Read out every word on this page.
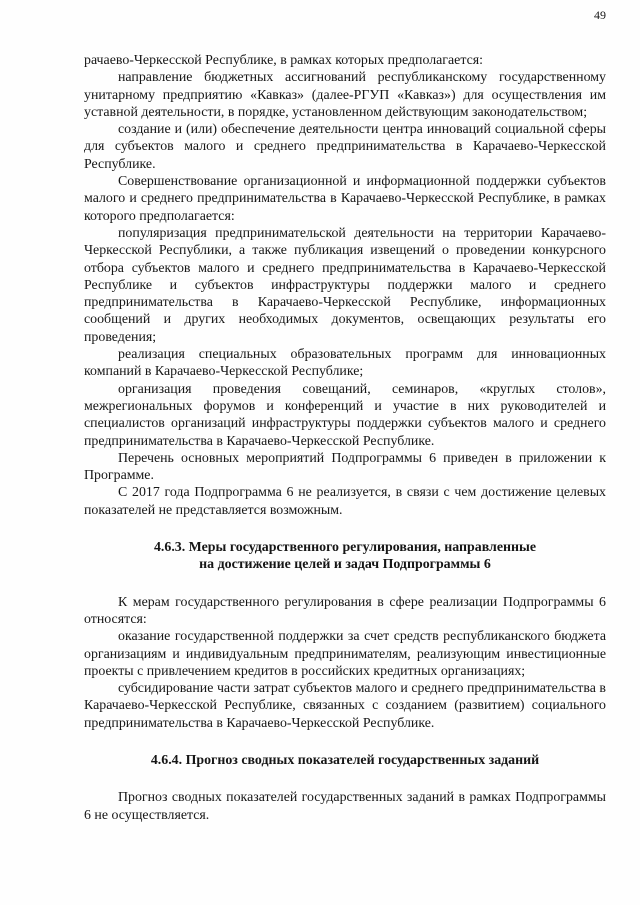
49

рачаево-Черкесской Республике, в рамках которых предполагается:

направление бюджетных ассигнований республиканскому государственному унитарному предприятию «Кавказ» (далее-РГУП «Кавказ») для осуществления им уставной деятельности, в порядке, установленном действующим законодательством;

создание и (или) обеспечение деятельности центра инноваций социальной сферы для субъектов малого и среднего предпринимательства в Карачаево-Черкесской Республике.

Совершенствование организационной и информационной поддержки субъектов малого и среднего предпринимательства в Карачаево-Черкесской Республике, в рамках которого предполагается:

популяризация предпринимательской деятельности на территории Карачаево-Черкесской Республики, а также публикация извещений о проведении конкурсного отбора субъектов малого и среднего предпринимательства в Карачаево-Черкесской Республике и субъектов инфраструктуры поддержки малого и среднего предпринимательства в Карачаево-Черкесской Республике, информационных сообщений и других необходимых документов, освещающих результаты его проведения;

реализация специальных образовательных программ для инновационных компаний в Карачаево-Черкесской Республике;

организация проведения совещаний, семинаров, «круглых столов», межрегиональных форумов и конференций и участие в них руководителей и специалистов организаций инфраструктуры поддержки субъектов малого и среднего предпринимательства в Карачаево-Черкесской Республике.

Перечень основных мероприятий Подпрограммы 6 приведен в приложении к Программе.

С 2017 года Подпрограмма 6 не реализуется, в связи с чем достижение целевых показателей не представляется возможным.

4.6.3. Меры государственного регулирования, направленные
на достижение целей и задач Подпрограммы 6

К мерам государственного регулирования в сфере реализации Подпрограммы 6 относятся:

оказание государственной поддержки за счет средств республиканского бюджета организациям и индивидуальным предпринимателям, реализующим инвестиционные проекты с привлечением кредитов в российских кредитных организациях;

субсидирование части затрат субъектов малого и среднего предпринимательства в Карачаево-Черкесской Республике, связанных с созданием (развитием) социального предпринимательства в Карачаево-Черкесской Республике.

4.6.4. Прогноз сводных показателей государственных заданий

Прогноз сводных показателей государственных заданий в рамках Подпрограммы 6 не осуществляется.
